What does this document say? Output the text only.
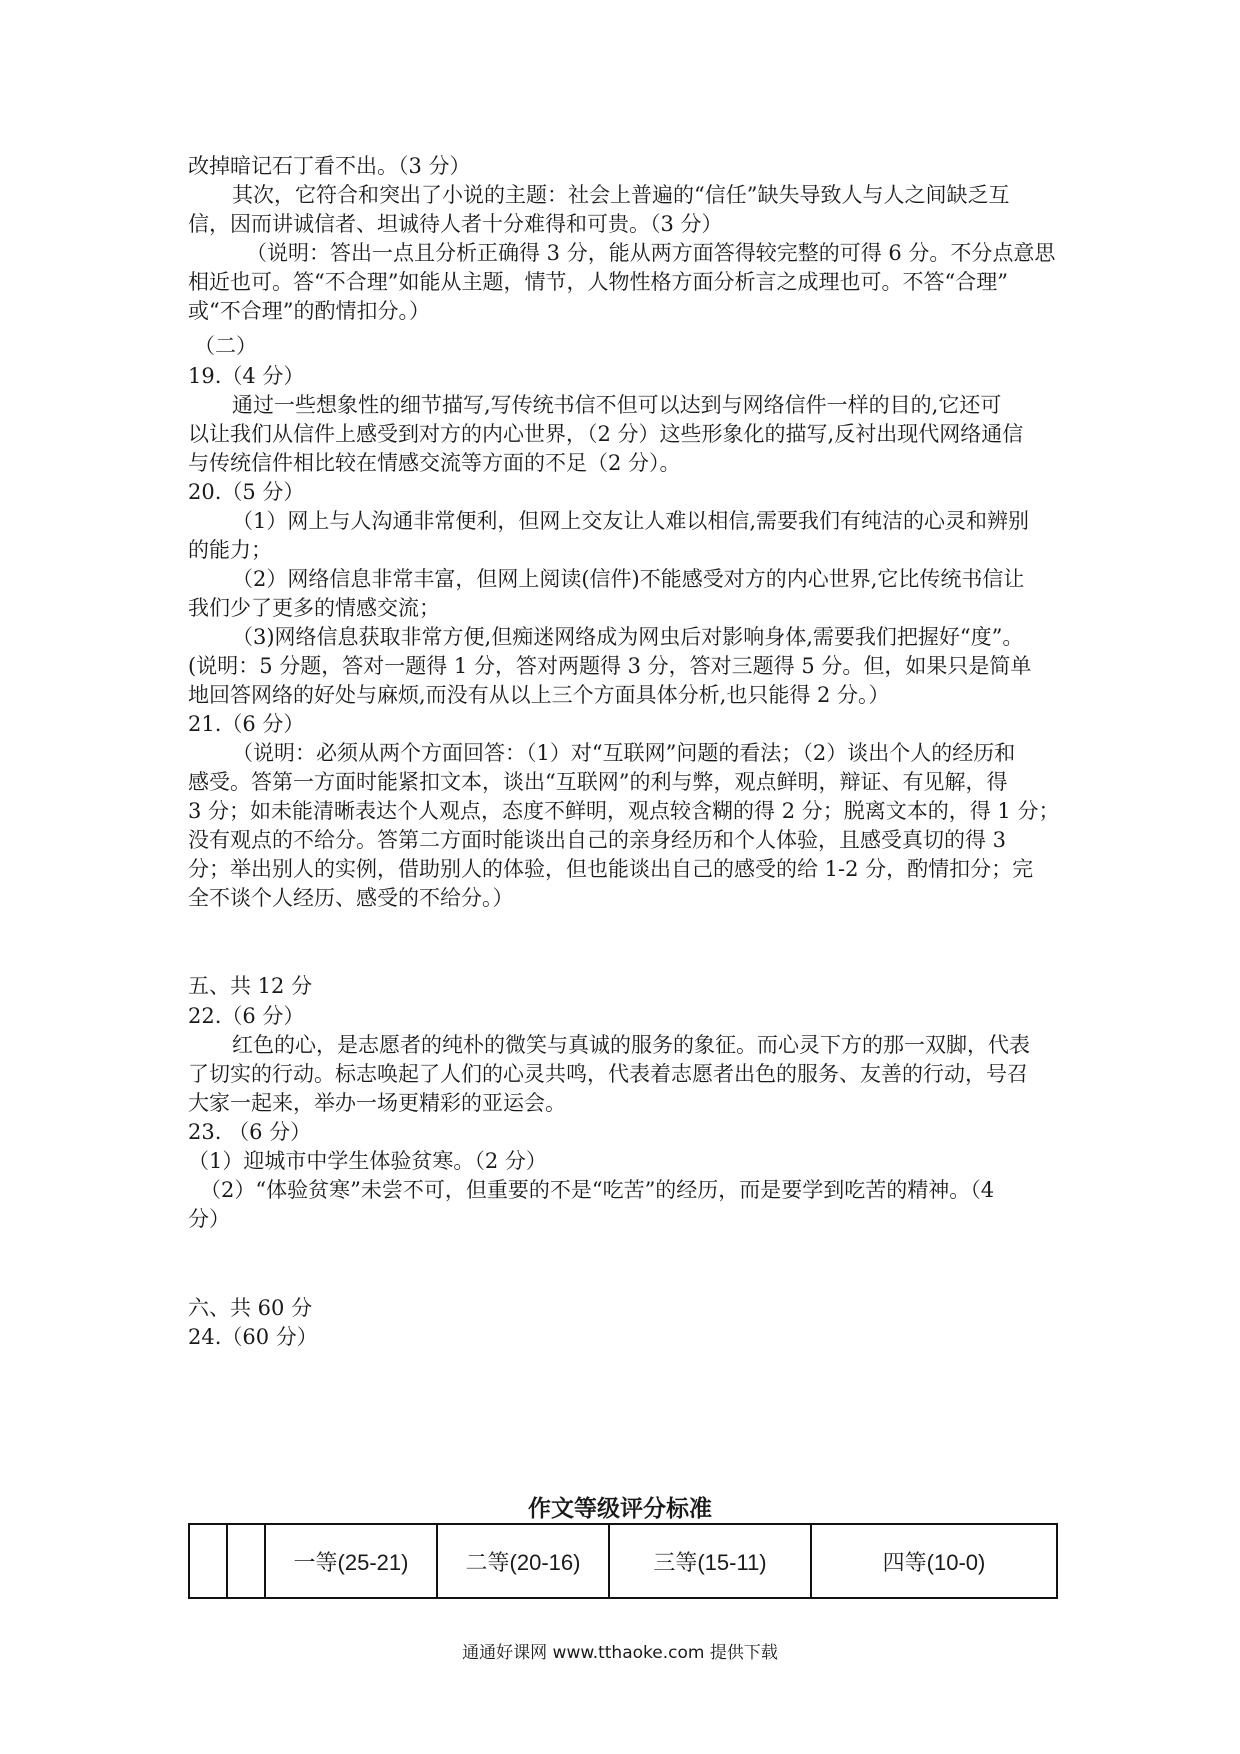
改掉暗记石丁看不出。（3 分）
其次，它符合和突出了小说的主题：社会上普遍的“信任”缺失导致人与人之间缺乏互
信，因而讲诚信者、坦诚待人者十分难得和可贵。（3 分）
（说明：答出一点且分析正确得 3 分，能从两方面答得较完整的可得 6 分。不分点意思
相近也可。答“不合理”如能从主题，情节，人物性格方面分析言之成理也可。不答“合理”
或“不合理”的酌情扣分。）
（二）
19.（4 分）
通过一些想象性的细节描写,写传统书信不但可以达到与网络信件一样的目的,它还可
以让我们从信件上感受到对方的内心世界，（2 分）这些形象化的描写,反衬出现代网络通信
与传统信件相比较在情感交流等方面的不足（2 分）。
20.（5 分）
（1）网上与人沟通非常便利，但网上交友让人难以相信,需要我们有纯洁的心灵和辨别
的能力；
（2）网络信息非常丰富，但网上阅读(信件)不能感受对方的内心世界,它比传统书信让
我们少了更多的情感交流；
（3)网络信息获取非常方便,但痴迷网络成为网虫后对影响身体,需要我们把握好“度”。
(说明：5 分题，答对一题得 1 分，答对两题得 3 分，答对三题得 5 分。但，如果只是简单
地回答网络的好处与麻烦,而没有从以上三个方面具体分析,也只能得 2 分。）
21.（6 分）
（说明：必须从两个方面回答：（1）对“互联网”问题的看法；（2）谈出个人的经历和
感受。答第一方面时能紧扣文本，谈出“互联网”的利与弊，观点鲜明，辩证、有见解，得
3 分；如未能清晰表达个人观点，态度不鲜明，观点较含糊的得 2 分；脱离文本的，得 1 分；
没有观点的不给分。答第二方面时能谈出自己的亲身经历和个人体验，且感受真切的得 3
分；举出别人的实例，借助别人的体验，但也能谈出自己的感受的给 1-2 分，酌情扣分；完
全不谈个人经历、感受的不给分。）
五、共 12 分
22.（6 分）
红色的心，是志愿者的纯朴的微笑与真诚的服务的象征。而心灵下方的那一双脚，代表
了切实的行动。标志唤起了人们的心灵共鸣，代表着志愿者出色的服务、友善的行动，号召
大家一起来，举办一场更精彩的亚运会。
23. （6 分）
（1）迎城市中学生体验贫寒。（2 分）
（2）“体验贫寒”未尝不可，但重要的不是“吃苦”的经历，而是要学到吃苦的精神。（4
分）
六、共 60 分
24.（60 分）
作文等级评分标准
		一等(25-21)	二等(20-16)	三等(15-11)	四等(10-0)
通通好课网 www.tthaoke.com 提供下载
